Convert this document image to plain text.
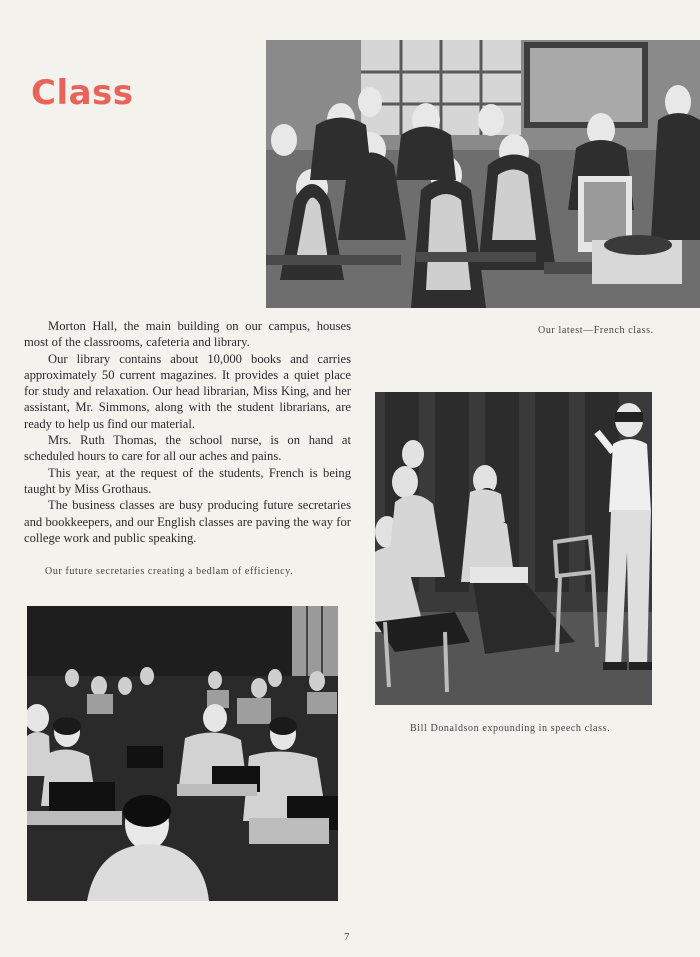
Class
Our latest—French class.

Morton Hall, the main building on our campus, houses most of the classrooms, cafeteria and library.

Our library contains about 10,000 books and carries approximately 50 current magazines. It provides a quiet place for study and relaxation. Our head librarian, Miss King, and her assistant, Mr. Simmons, along with the student librarians, are ready to help us find our material.

Mrs. Ruth Thomas, the school nurse, is on hand at scheduled hours to care for all our aches and pains.

This year, at the request of the students, French is being taught by Miss Grothaus.

The business classes are busy producing future secretaries and bookkeepers, and our English classes are paving the way for college work and public speaking.

Bill Donaldson expounding in speech class.
Our future secretaries creating a bedlam of efficiency.
7
